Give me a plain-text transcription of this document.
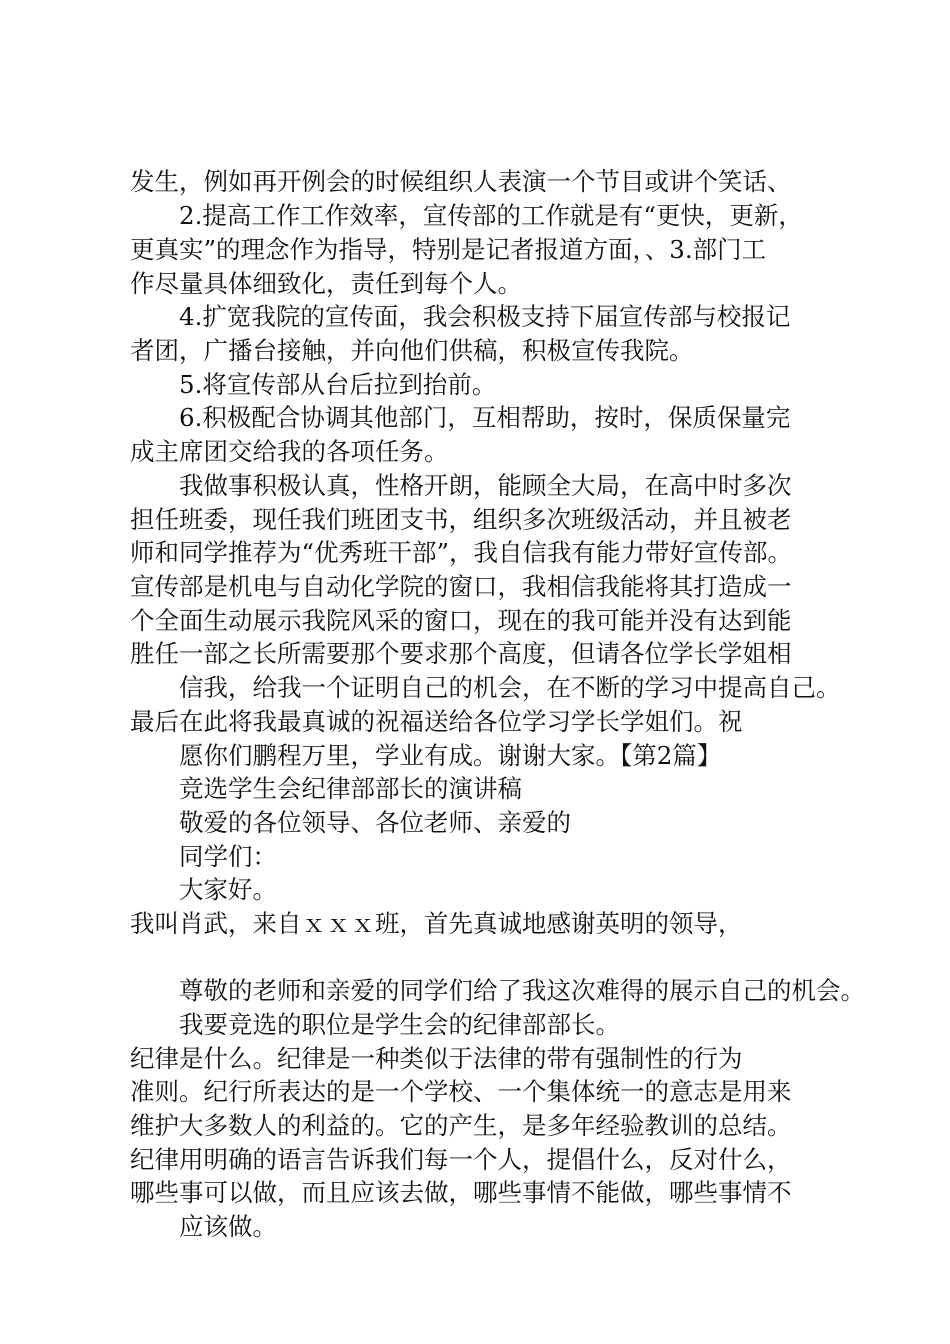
发生，例如再开例会的时候组织人表演一个节目或讲个笑话、
2.提高工作工作效率，宣传部的工作就是有“更快，更新，
更真实”的理念作为指导，特别是记者报道方面，、3.部门工
作尽量具体细致化，责任到每个人。
4.扩宽我院的宣传面，我会积极支持下届宣传部与校报记
者团，广播台接触，并向他们供稿，积极宣传我院。
5.将宣传部从台后拉到抬前。
6.积极配合协调其他部门，互相帮助，按时，保质保量完
成主席团交给我的各项任务。
我做事积极认真，性格开朗，能顾全大局，在高中时多次
担任班委，现任我们班团支书，组织多次班级活动，并且被老
师和同学推荐为“优秀班干部”，我自信我有能力带好宣传部。
宣传部是机电与自动化学院的窗口，我相信我能将其打造成一
个全面生动展示我院风采的窗口，现在的我可能并没有达到能
胜任一部之长所需要那个要求那个高度，但请各位学长学姐相
信我，给我一个证明自己的机会，在不断的学习中提高自己。
最后在此将我最真诚的祝福送给各位学习学长学姐们。祝
愿你们鹏程万里，学业有成。谢谢大家。【第2篇】
竞选学生会纪律部部长的演讲稿
敬爱的各位领导、各位老师、亲爱的
同学们：
大家好。
我叫肖武，来自ｘｘｘ班，首先真诚地感谢英明的领导，
尊敬的老师和亲爱的同学们给了我这次难得的展示自己的机会。
我要竞选的职位是学生会的纪律部部长。
纪律是什么。纪律是一种类似于法律的带有强制性的行为
准则。纪行所表达的是一个学校、一个集体统一的意志是用来
维护大多数人的利益的。它的产生，是多年经验教训的总结。
纪律用明确的语言告诉我们每一个人，提倡什么，反对什么，
哪些事可以做，而且应该去做，哪些事情不能做，哪些事情不
应该做。
